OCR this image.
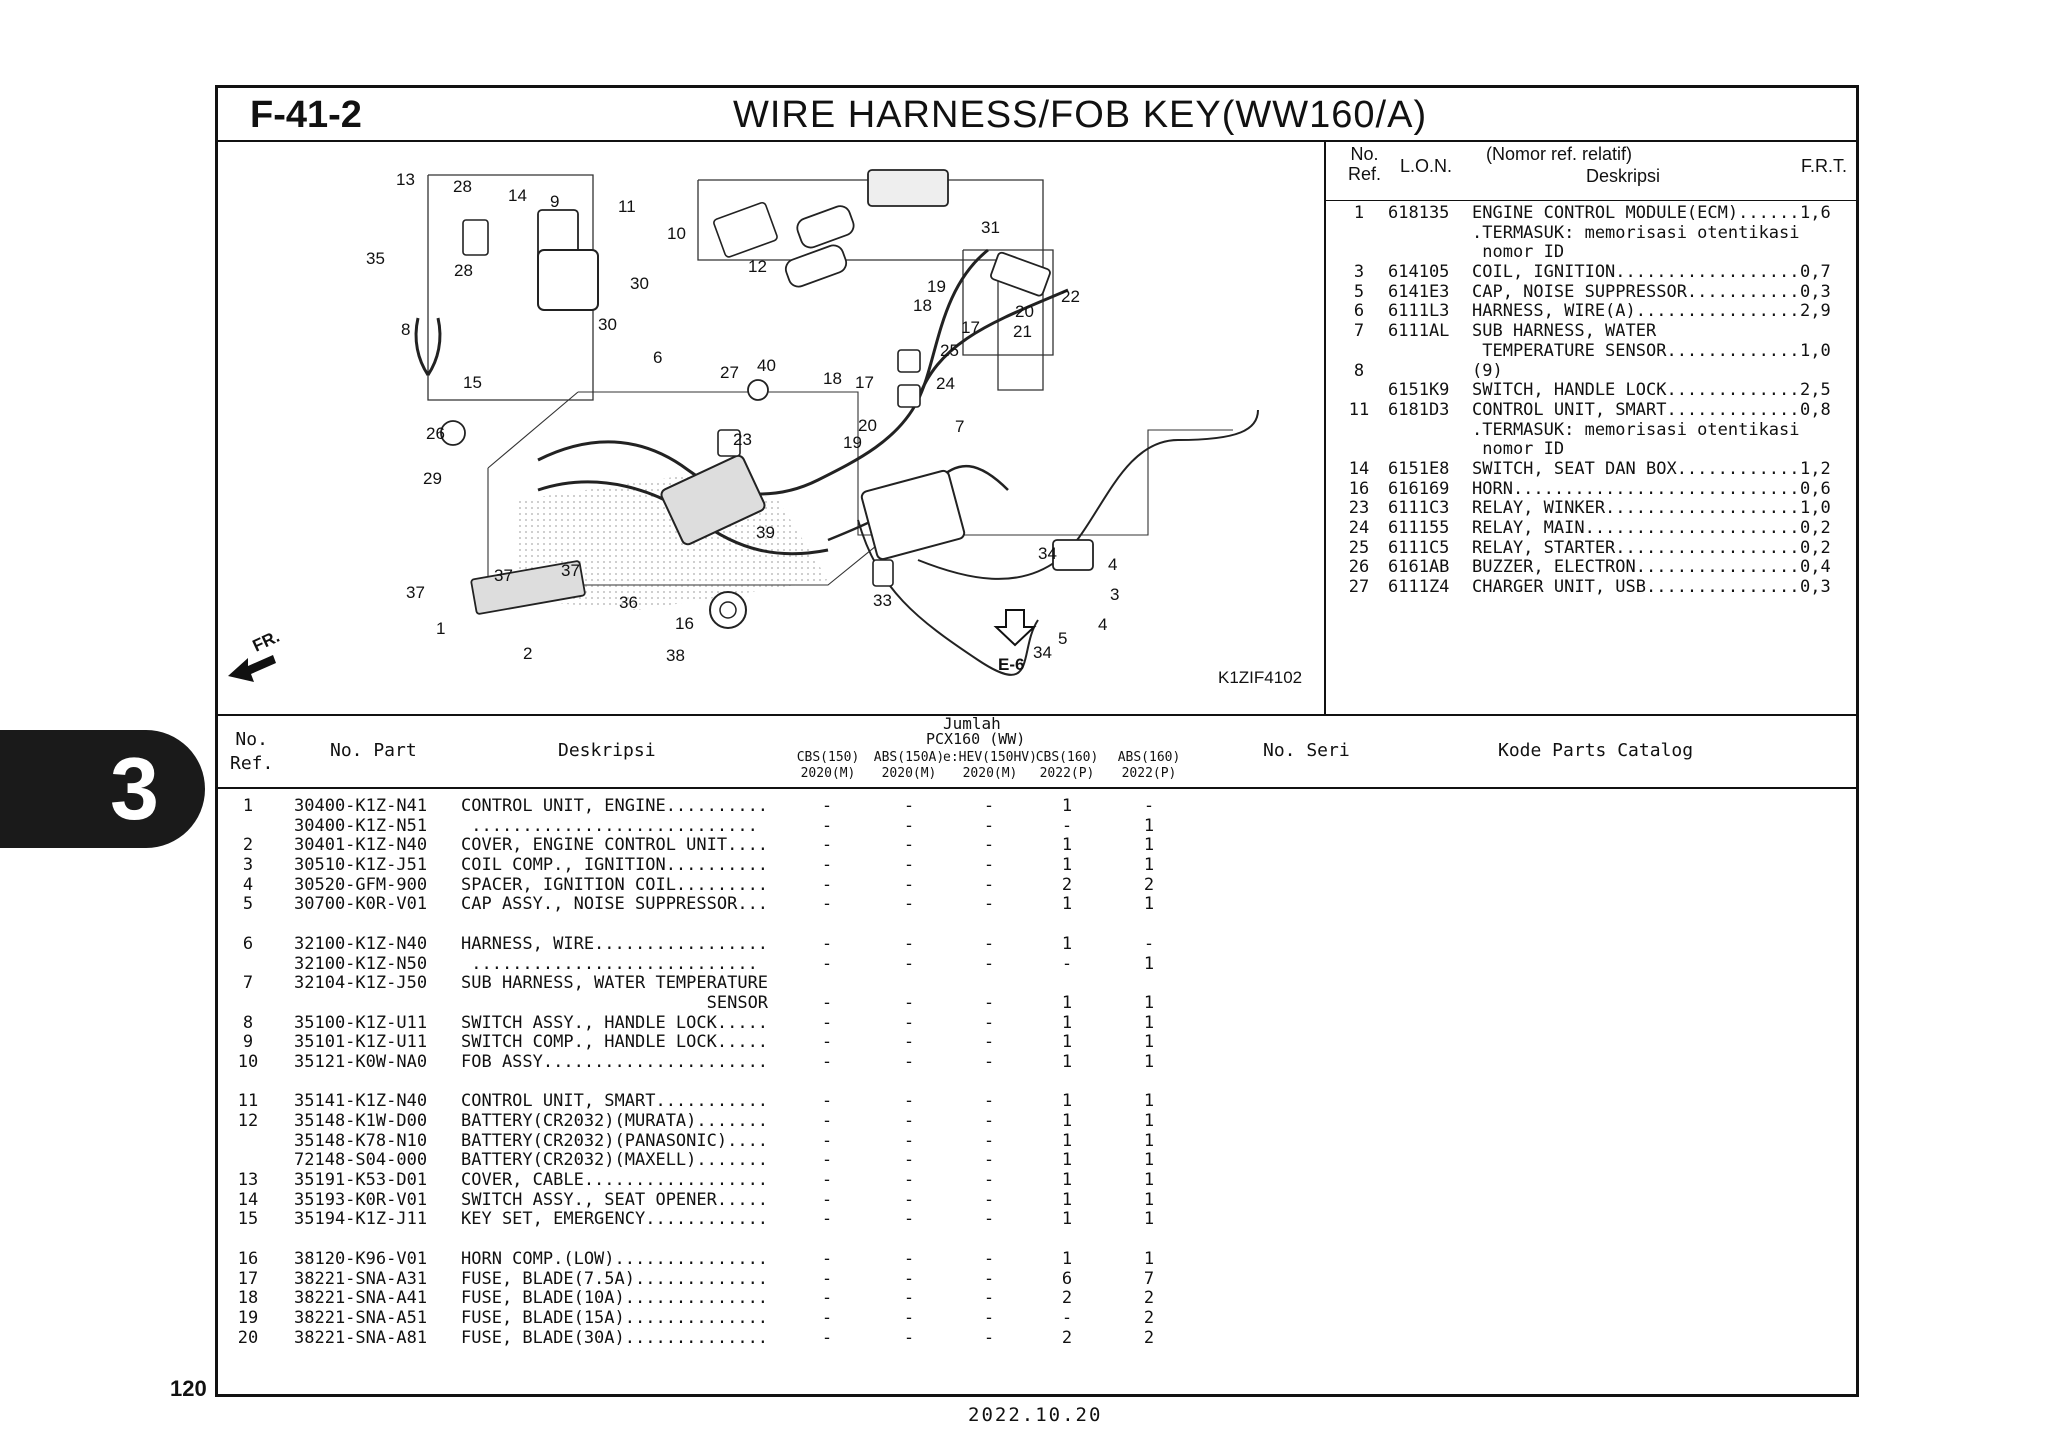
F-41-2	WIRE HARNESS/FOB KEY(WW160/A)
FR.
E-6
K1ZIF4102
13 28 14 9	11
10	31
35
28	12
30	19
22
18	20
21
30
8	17
25
15
6
27 40
18 17	24
26	20
23
7
19
29
39
34
4
37
37	37
36	33	3
1	16
38
2	34
5
4
No.
Ref. L.O.N.
(Nomor ref. relatif)
Deskripsi	F.R.T.
1	618135 ENGINE CONTROL MODULE(ECM)...... 1,6
.TERMASUK: memorisasi otentikasi
nomor ID
3	614105 COIL, IGNITION.................. 0,7
5	6141E3 CAP, NOISE SUPPRESSOR........... 0,3
6	6111L3 HARNESS, WIRE(A)................ 2,9
7	6111AL SUB HARNESS, WATER
TEMPERATURE SENSOR............. 1,0
8	(9)
6151K9 SWITCH, HANDLE LOCK............. 2,5
11 6181D3 CONTROL UNIT, SMART............. 0,8
.TERMASUK: memorisasi otentikasi
nomor ID
14 6151E8 SWITCH, SEAT DAN BOX............ 1,2
16 616169 HORN............................ 0,6
23 6111C3 RELAY, WINKER................... 1,0
24 611155 RELAY, MAIN..................... 0,2
25 6111C5 RELAY, STARTER.................. 0,2
26 6161AB BUZZER, ELECTRON................ 0,4
27 6111Z4 CHARGER UNIT, USB............... 0,3
No.
Ref.
No. Part	Deskripsi
Jumlah
PCX160 (WW)
CBS(150)
2020(M)
ABS(150A)
2020(M)
e:HEV(150HV)
2020(M)
CBS(160)
2022(P)
ABS(160)
2022(P)
No. Seri	Kode Parts Catalog
1	30400-K1Z-N41 CONTROL UNIT, ENGINE..........	-	-	-	1	-
30400-K1Z-N51 ............................	-	-	-	-	1
2	30401-K1Z-N40 COVER, ENGINE CONTROL UNIT....	-	-	-	1	1
3	30510-K1Z-J51 COIL COMP., IGNITION..........	-	-	-	1	1
4	30520-GFM-900 SPACER, IGNITION COIL.........	-	-	-	2	2
5	30700-K0R-V01 CAP ASSY., NOISE SUPPRESSOR...	-	-	-	1	1
6	32100-K1Z-N40 HARNESS, WIRE.................	-	-	-	1	-
32100-K1Z-N50 ............................	-	-	-	-	1
7	32104-K1Z-J50 SUB HARNESS, WATER TEMPERATURE
SENSOR	-	-	-	1	1
8	35100-K1Z-U11 SWITCH ASSY., HANDLE LOCK.....	-	-	-	1	1
9	35101-K1Z-U11 SWITCH COMP., HANDLE LOCK.....	-	-	-	1	1
10	35121-K0W-NA0 FOB ASSY......................	-	-	-	1	1
11	35141-K1Z-N40 CONTROL UNIT, SMART...........	-	-	-	1	1
12	35148-K1W-D00 BATTERY(CR2032)(MURATA).......	-	-	-	1	1
35148-K78-N10 BATTERY(CR2032)(PANASONIC)....	-	-	-	1	1
72148-S04-000 BATTERY(CR2032)(MAXELL).......	-	-	-	1	1
13	35191-K53-D01 COVER, CABLE..................	-	-	-	1	1
14	35193-K0R-V01 SWITCH ASSY., SEAT OPENER.....	-	-	-	1	1
15	35194-K1Z-J11 KEY SET, EMERGENCY............	-	-	-	1	1
16	38120-K96-V01 HORN COMP.(LOW)...............	-	-	-	1	1
17	38221-SNA-A31 FUSE, BLADE(7.5A).............	-	-	-	6	7
18	38221-SNA-A41 FUSE, BLADE(10A)..............	-	-	-	2	2
19	38221-SNA-A51 FUSE, BLADE(15A)..............	-	-	-	-	2
20	38221-SNA-A81 FUSE, BLADE(30A)..............	-	-	-	2	2
3
120
2022.10.20
